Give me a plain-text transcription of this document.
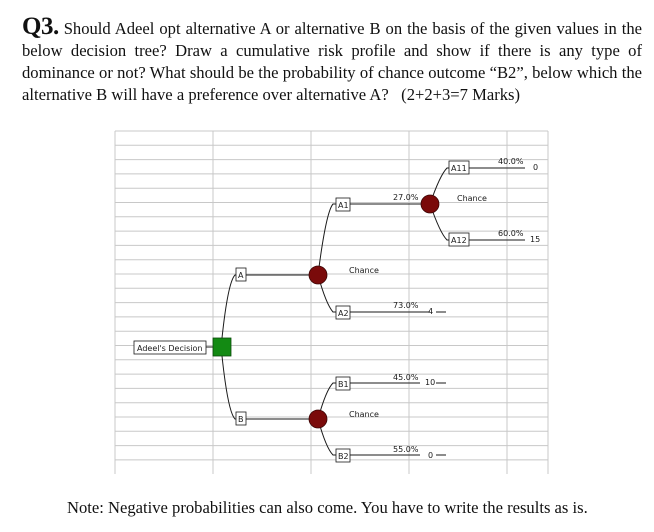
Q3. Should Adeel opt alternative A or alternative B on the basis of the given values in the below decision tree? Draw a cumulative risk profile and show if there is any type of dominance or not? What should be the probability of chance outcome “B2”, below which the alternative B will have a preference over alternative A? (2+2+3=7 Marks)
Adeel's Decision
A
B
Chance
Chance
Chance
A1
27.0%
A2
73.0%
4
A11
40.0%
0
A12
60.0%
15
B1
45.0%
10
B2
55.0%
0
Note: Negative probabilities can also come. You have to write the results as is.
